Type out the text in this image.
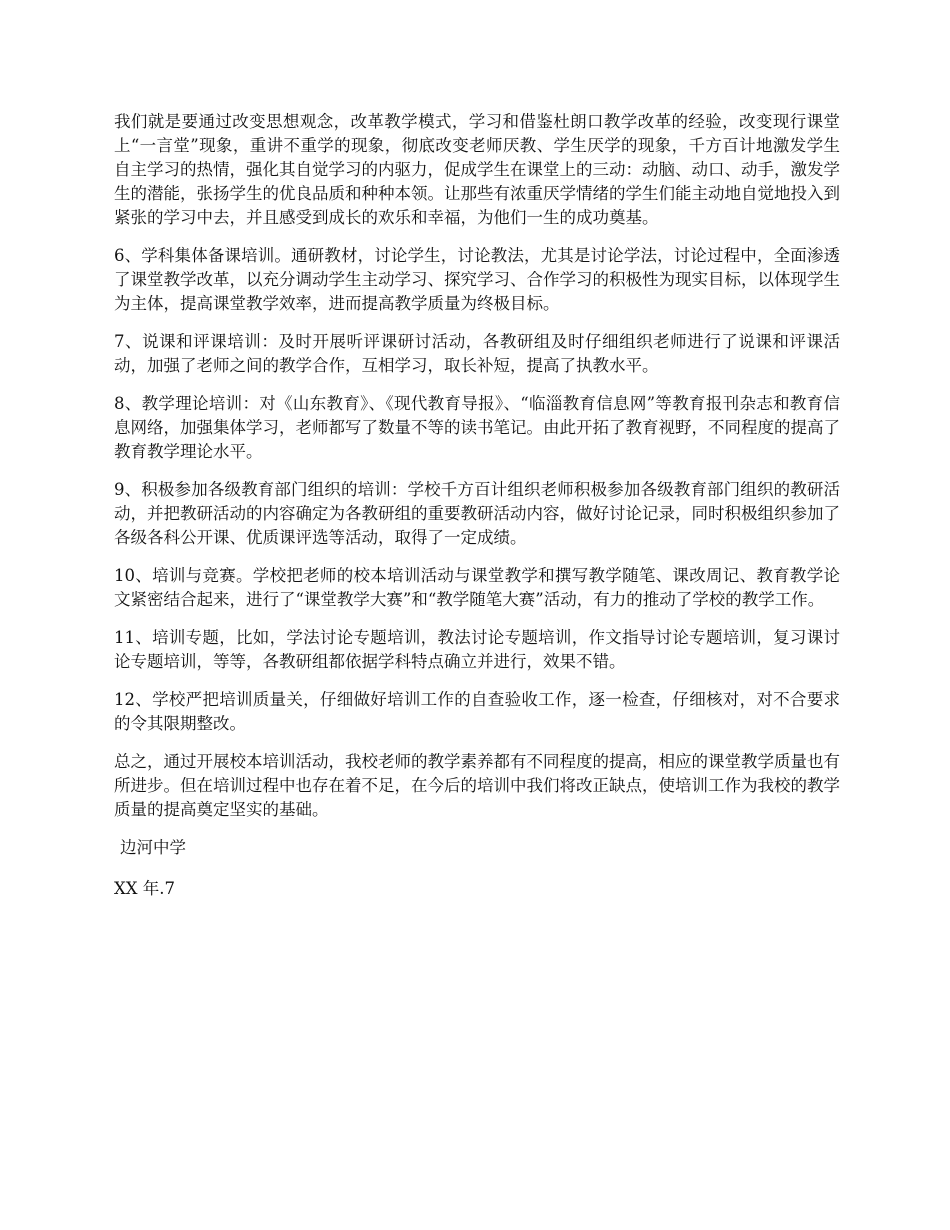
我们就是要通过改变思想观念，改革教学模式，学习和借鉴杜朗口教学改革的经验，改变现行课堂上“一言堂”现象，重讲不重学的现象，彻底改变老师厌教、学生厌学的现象，千方百计地激发学生自主学习的热情，强化其自觉学习的内驱力，促成学生在课堂上的三动：动脑、动口、动手，激发学生的潜能，张扬学生的优良品质和种种本领。让那些有浓重厌学情绪的学生们能主动地自觉地投入到紧张的学习中去，并且感受到成长的欢乐和幸福，为他们一生的成功奠基。

6、学科集体备课培训。通研教材，讨论学生，讨论教法，尤其是讨论学法，讨论过程中，全面渗透了课堂教学改革，以充分调动学生主动学习、探究学习、合作学习的积极性为现实目标，以体现学生为主体，提高课堂教学效率，进而提高教学质量为终极目标。

7、说课和评课培训：及时开展听评课研讨活动，各教研组及时仔细组织老师进行了说课和评课活动，加强了老师之间的教学合作，互相学习，取长补短，提高了执教水平。

8、教学理论培训：对《山东教育》、《现代教育导报》、“临淄教育信息网”等教育报刊杂志和教育信息网络，加强集体学习，老师都写了数量不等的读书笔记。由此开拓了教育视野，不同程度的提高了教育教学理论水平。

9、积极参加各级教育部门组织的培训：学校千方百计组织老师积极参加各级教育部门组织的教研活动，并把教研活动的内容确定为各教研组的重要教研活动内容，做好讨论记录，同时积极组织参加了各级各科公开课、优质课评选等活动，取得了一定成绩。

10、培训与竞赛。学校把老师的校本培训活动与课堂教学和撰写教学随笔、课改周记、教育教学论文紧密结合起来，进行了“课堂教学大赛”和“教学随笔大赛”活动，有力的推动了学校的教学工作。

11、培训专题，比如，学法讨论专题培训，教法讨论专题培训，作文指导讨论专题培训，复习课讨论专题培训，等等，各教研组都依据学科特点确立并进行，效果不错。

12、学校严把培训质量关，仔细做好培训工作的自查验收工作，逐一检查，仔细核对，对不合要求的令其限期整改。

总之，通过开展校本培训活动，我校老师的教学素养都有不同程度的提高，相应的课堂教学质量也有所进步。但在培训过程中也存在着不足，在今后的培训中我们将改正缺点，使培训工作为我校的教学质量的提高奠定坚实的基础。

边河中学

XX 年.7
